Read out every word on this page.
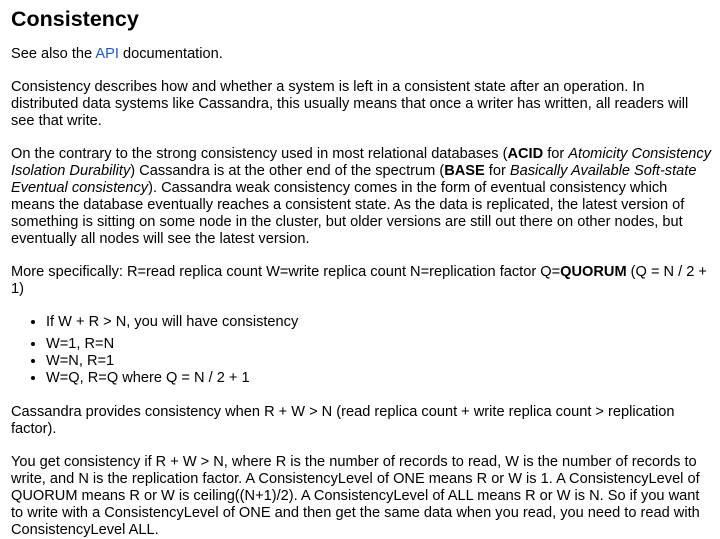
Consistency

See also the API documentation.

Consistency describes how and whether a system is left in a consistent state after an operation. In distributed data systems like Cassandra, this usually means that once a writer has written, all readers will see that write.

On the contrary to the strong consistency used in most relational databases (ACID for Atomicity Consistency Isolation Durability) Cassandra is at the other end of the spectrum (BASE for Basically Available Soft-state Eventual consistency). Cassandra weak consistency comes in the form of eventual consistency which means the database eventually reaches a consistent state. As the data is replicated, the latest version of something is sitting on some node in the cluster, but older versions are still out there on other nodes, but eventually all nodes will see the latest version.

More specifically: R=read replica count W=write replica count N=replication factor Q=QUORUM (Q = N / 2 + 1)

• If W + R > N, you will have consistency
• W=1, R=N
• W=N, R=1
• W=Q, R=Q where Q = N / 2 + 1

Cassandra provides consistency when R + W > N (read replica count + write replica count > replication factor).

You get consistency if R + W > N, where R is the number of records to read, W is the number of records to write, and N is the replication factor. A ConsistencyLevel of ONE means R or W is 1. A ConsistencyLevel of QUORUM means R or W is ceiling((N+1)/2). A ConsistencyLevel of ALL means R or W is N. So if you want to write with a ConsistencyLevel of ONE and then get the same data when you read, you need to read with ConsistencyLevel ALL.
